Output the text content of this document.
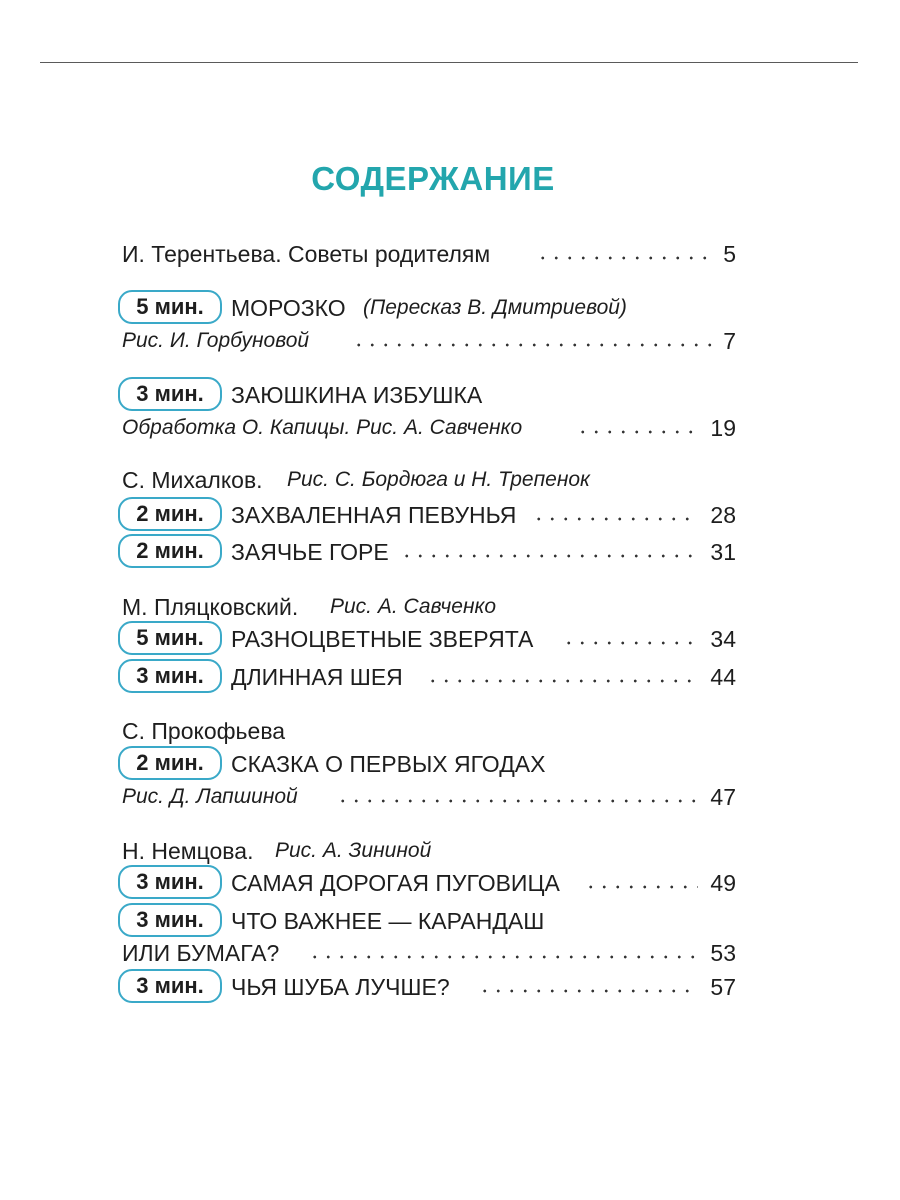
СОДЕРЖАНИЕ
И. Терентьева. Советы родителям	5
5 мин.	МОРОЗКО (Пересказ В. Дмитриевой)
Рис. И. Горбуновой	7
3 мин.	ЗАЮШКИНА ИЗБУШКА
Обработка О. Капицы. Рис. А. Савченко	19
С. Михалков. Рис. С. Бордюга и Н. Трепенок
2 мин.	ЗАХВАЛЕННАЯ ПЕВУНЬЯ	28
2 мин.	ЗАЯЧЬЕ ГОРЕ	31
М. Пляцковский. Рис. А. Савченко
5 мин.	РАЗНОЦВЕТНЫЕ ЗВЕРЯТА	34
3 мин.	ДЛИННАЯ ШЕЯ	44
С. Прокофьева
2 мин.	СКАЗКА О ПЕРВЫХ ЯГОДАХ
Рис. Д. Лапшиной	47
Н. Немцова. Рис. А. Зининой
3 мин.	САМАЯ ДОРОГАЯ ПУГОВИЦА	49
3 мин.	ЧТО ВАЖНЕЕ — КАРАНДАШ
ИЛИ БУМАГА?	53
3 мин.	ЧЬЯ ШУБА ЛУЧШЕ?	57
